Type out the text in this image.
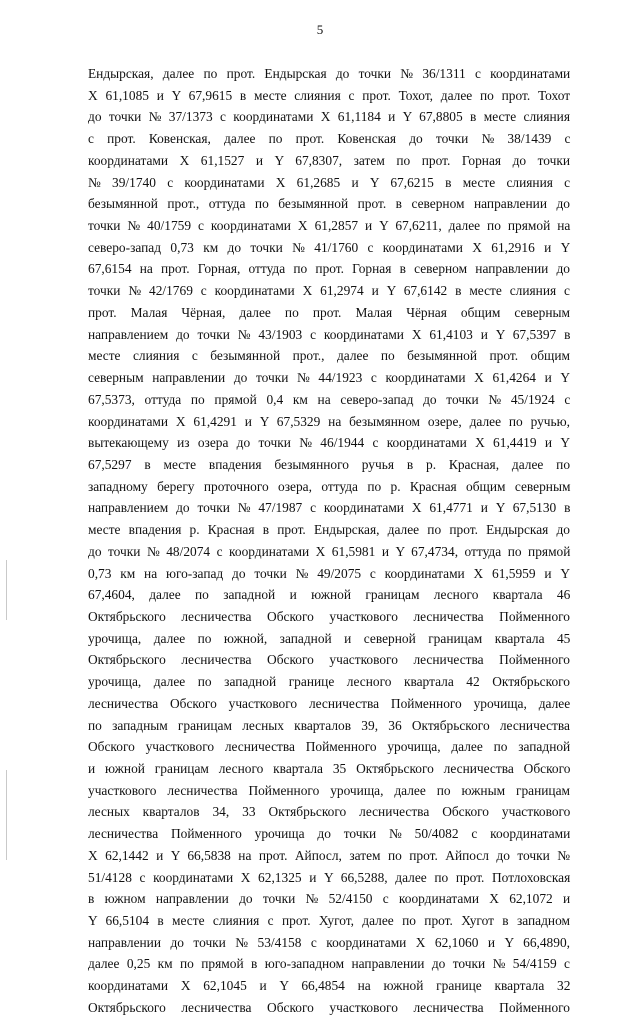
5
Ендырская, далее по прот. Ендырская до точки № 36/1311 с координатами
X 61,1085 и Y 67,9615 в месте слияния с прот. Тохот, далее по прот. Тохот
до точки № 37/1373 с координатами X 61,1184 и Y 67,8805 в месте слияния
с прот. Ковенская, далее по прот. Ковенская до точки № 38/1439 с
координатами X 61,1527 и Y 67,8307, затем по прот. Горная до точки
№ 39/1740 с координатами X 61,2685 и Y 67,6215 в месте слияния с
безымянной прот., оттуда по безымянной прот. в северном направлении до
точки № 40/1759 с координатами X 61,2857 и Y 67,6211, далее по прямой на
северо-запад 0,73 км до точки № 41/1760 с координатами X 61,2916 и Y
67,6154 на прот. Горная, оттуда по прот. Горная в северном направлении до
точки № 42/1769 с координатами X 61,2974 и Y 67,6142 в месте слияния с
прот. Малая Чёрная, далее по прот. Малая Чёрная общим северным
направлением до точки № 43/1903 с координатами X 61,4103 и Y 67,5397 в
месте слияния с безымянной прот., далее по безымянной прот. общим
северным направлении до точки № 44/1923 с координатами X 61,4264 и Y
67,5373, оттуда по прямой 0,4 км на северо-запад до точки № 45/1924 с
координатами X 61,4291 и Y 67,5329 на безымянном озере, далее по ручью,
вытекающему из озера до точки № 46/1944 с координатами X 61,4419 и Y
67,5297 в месте впадения безымянного ручья в р. Красная, далее по
западному берегу проточного озера, оттуда по р. Красная общим северным
направлением до точки № 47/1987 с координатами X 61,4771 и Y 67,5130 в
месте впадения р. Красная в прот. Ендырская, далее по прот. Ендырская до
до точки № 48/2074 с координатами X 61,5981 и Y 67,4734, оттуда по прямой
0,73 км на юго-запад до точки № 49/2075 с координатами X 61,5959 и Y
67,4604, далее по западной и южной границам лесного квартала 46
Октябрьского лесничества Обского участкового лесничества Пойменного
урочища, далее по южной, западной и северной границам квартала 45
Октябрьского лесничества Обского участкового лесничества Пойменного
урочища, далее по западной границе лесного квартала 42 Октябрьского
лесничества Обского участкового лесничества Пойменного урочища, далее
по западным границам лесных кварталов 39, 36 Октябрьского лесничества
Обского участкового лесничества Пойменного урочища, далее по западной
и южной границам лесного квартала 35 Октябрьского лесничества Обского
участкового лесничества Пойменного урочища, далее по южным границам
лесных кварталов 34, 33 Октябрьского лесничества Обского участкового
лесничества Пойменного урочища до точки № 50/4082 с координатами
X 62,1442 и Y 66,5838 на прот. Айпосл, затем по прот. Айпосл до точки №
51/4128 с координатами X 62,1325 и Y 66,5288, далее по прот. Потлоховская
в южном направлении до точки № 52/4150 с координатами X 62,1072 и
Y 66,5104 в месте слияния с прот. Хугот, далее по прот. Хугот в западном
направлении до точки № 53/4158 с координатами X 62,1060 и Y 66,4890,
далее 0,25 км по прямой в юго-западном направлении до точки № 54/4159 с
координатами X 62,1045 и Y 66,4854 на южной границе квартала 32
Октябрьского лесничества Обского участкового лесничества Пойменного
